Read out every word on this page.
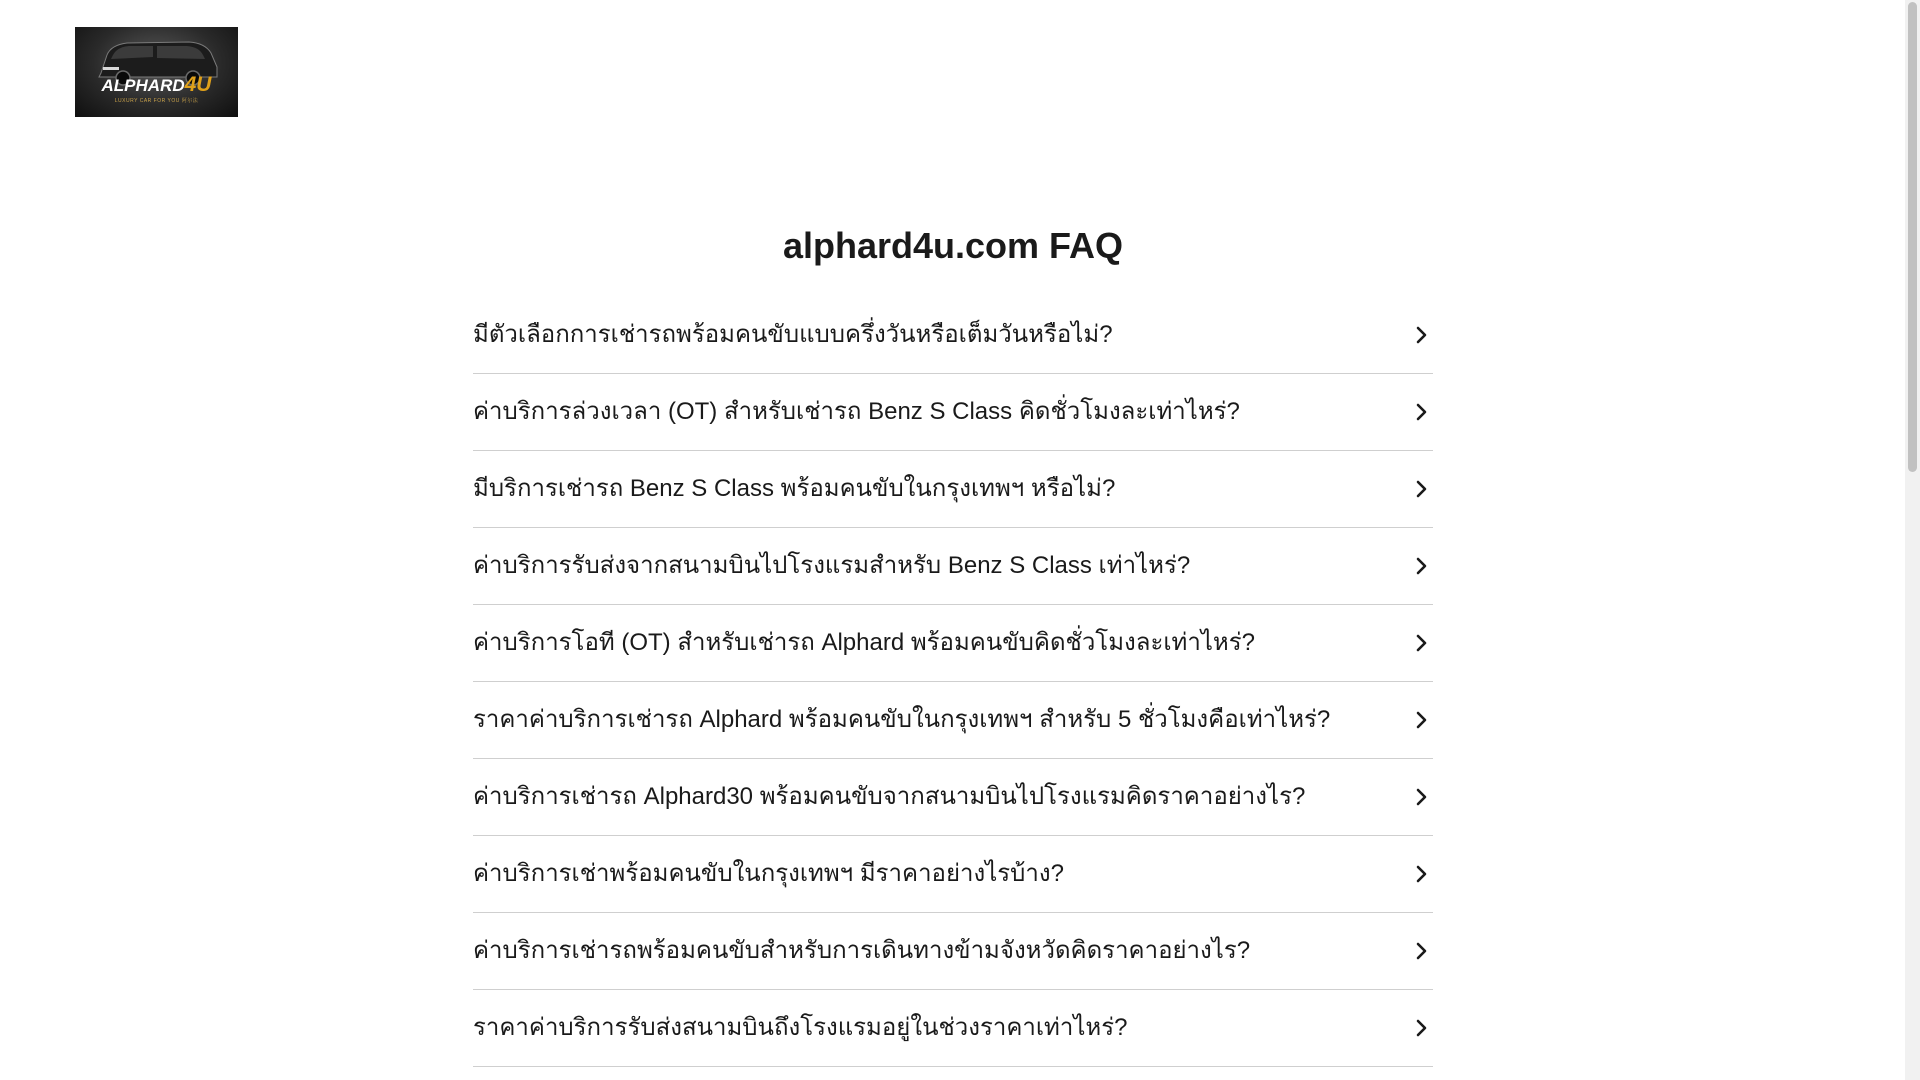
ALPHARD4U
LUXURY CAR FOR YOU 阿尔法
alphard4u.com FAQ
มีตัวเลือกการเช่ารถพร้อมคนขับแบบครึ่งวันหรือเต็มวันหรือไม่?
ค่าบริการล่วงเวลา (OT) สำหรับเช่ารถ Benz S Class คิดชั่วโมงละเท่าไหร่?
มีบริการเช่ารถ Benz S Class พร้อมคนขับในกรุงเทพฯ หรือไม่?
ค่าบริการรับส่งจากสนามบินไปโรงแรมสำหรับ Benz S Class เท่าไหร่?
ค่าบริการโอที (OT) สำหรับเช่ารถ Alphard พร้อมคนขับคิดชั่วโมงละเท่าไหร่?
ราคาค่าบริการเช่ารถ Alphard พร้อมคนขับในกรุงเทพฯ สำหรับ 5 ชั่วโมงคือเท่าไหร่?
ค่าบริการเช่ารถ Alphard30 พร้อมคนขับจากสนามบินไปโรงแรมคิดราคาอย่างไร?
ค่าบริการเช่าพร้อมคนขับในกรุงเทพฯ มีราคาอย่างไรบ้าง?
ค่าบริการเช่ารถพร้อมคนขับสำหรับการเดินทางข้ามจังหวัดคิดราคาอย่างไร?
ราคาค่าบริการรับส่งสนามบินถึงโรงแรมอยู่ในช่วงราคาเท่าไหร่?
